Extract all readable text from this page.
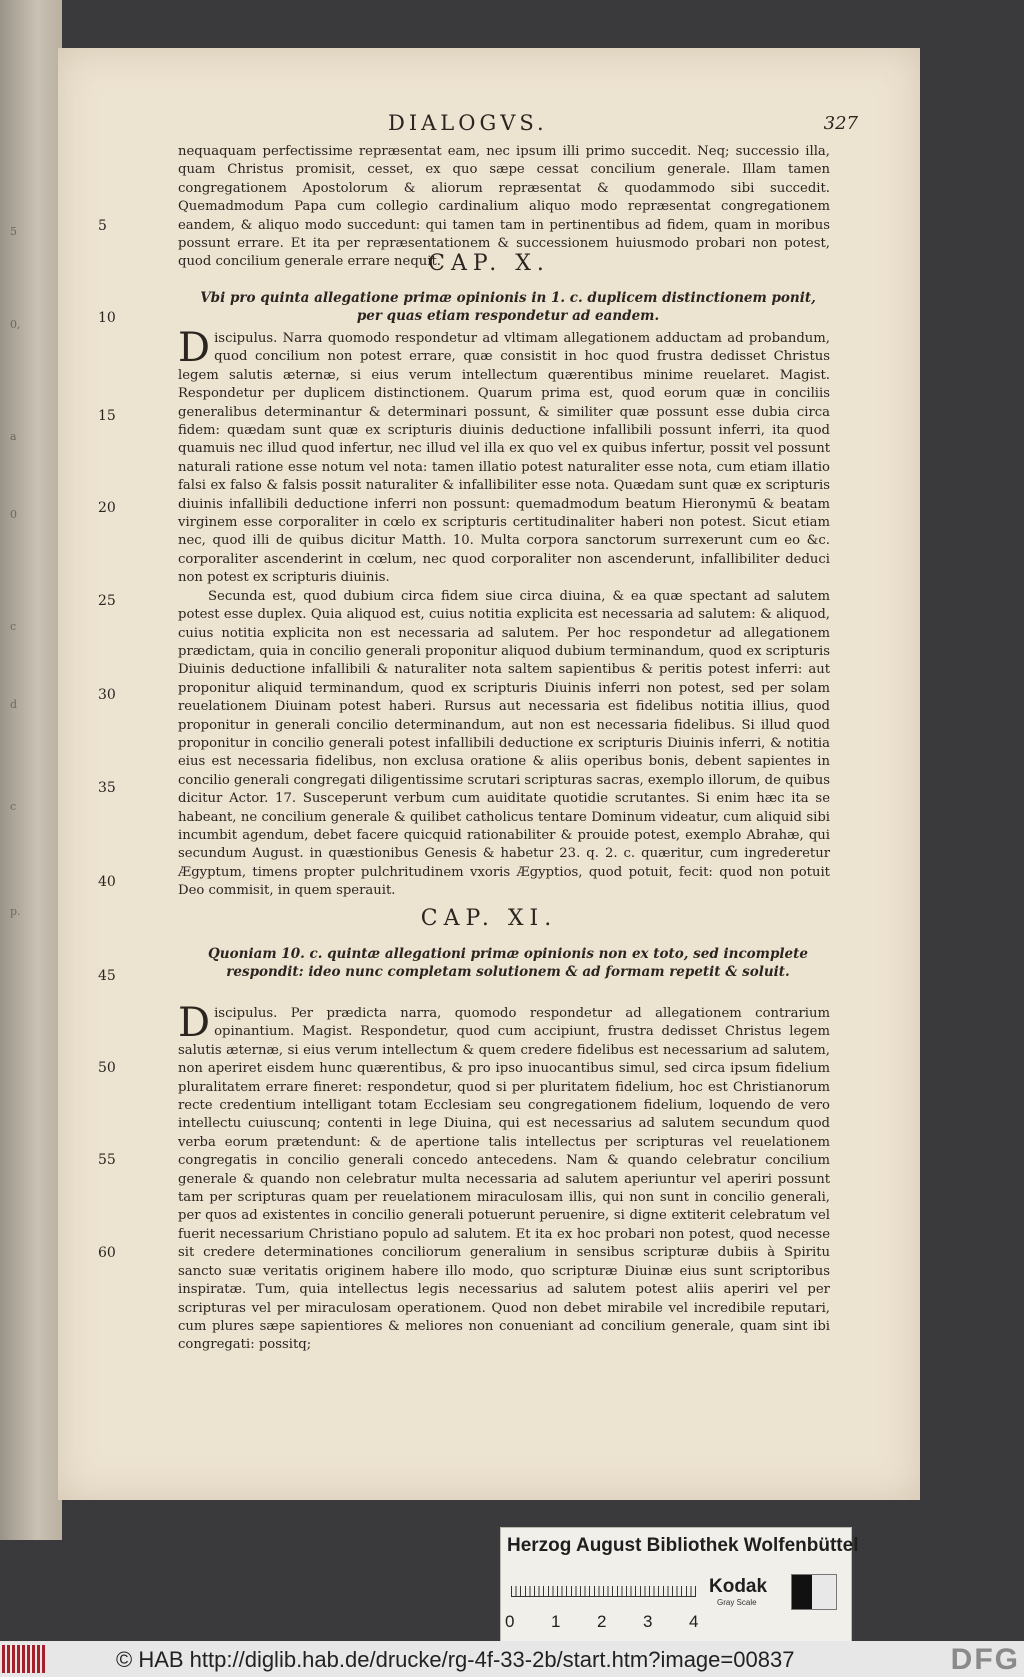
5
0,
a
0
c
d
c
p.
DIALOGVS.	327
5
10
15
20
25
30
35
40
45
50
55
60

nequaquam perfectissime repræsentat eam, nec ipsum illi primo succedit. Neq; successio illa, quam Christus promisit, cesset, ex quo sæpe cessat concilium generale. Illam tamen congregationem Apostolorum & aliorum repræsentat & quodammodo sibi succedit. Quemadmodum Papa cum collegio cardinalium aliquo modo repræsentat congregationem eandem, & aliquo modo succedunt: qui tamen tam in pertinentibus ad fidem, quam in moribus possunt errare. Et ita per repræsentationem & successionem huiusmodo probari non potest, quod concilium generale errare nequit.

CAP. X.
Vbi pro quinta allegatione primæ opinionis in 1. c. duplicem distinctionem ponit, per quas etiam respondetur ad eandem.

Discipulus. Narra quomodo respondetur ad vltimam allegationem adductam ad probandum, quod concilium non potest errare, quæ consistit in hoc quod frustra dedisset Christus legem salutis æternæ, si eius verum intellectum quærentibus minime reuelaret. Magist. Respondetur per duplicem distinctionem. Quarum prima est, quod eorum quæ in conciliis generalibus determinantur & determinari possunt, & similiter quæ possunt esse dubia circa fidem: quædam sunt quæ ex scripturis diuinis deductione infallibili possunt inferri, ita quod quamuis nec illud quod infertur, nec illud vel illa ex quo vel ex quibus infertur, possit vel possunt naturali ratione esse notum vel nota: tamen illatio potest naturaliter esse nota, cum etiam illatio falsi ex falso & falsis possit naturaliter & infallibiliter esse nota. Quædam sunt quæ ex scripturis diuinis infallibili deductione inferri non possunt: quemadmodum beatum Hieronymū & beatam virginem esse corporaliter in cœlo ex scripturis certitudinaliter haberi non potest. Sicut etiam nec, quod illi de quibus dicitur Matth. 10. Multa corpora sanctorum surrexerunt cum eo &c. corporaliter ascenderint in cœlum, nec quod corporaliter non ascenderunt, infallibiliter deduci non potest ex scripturis diuinis.

Secunda est, quod dubium circa fidem siue circa diuina, & ea quæ spectant ad salutem potest esse duplex. Quia aliquod est, cuius notitia explicita est necessaria ad salutem: & aliquod, cuius notitia explicita non est necessaria ad salutem. Per hoc respondetur ad allegationem prædictam, quia in concilio generali proponitur aliquod dubium terminandum, quod ex scripturis Diuinis deductione infallibili & naturaliter nota saltem sapientibus & peritis potest inferri: aut proponitur aliquid terminandum, quod ex scripturis Diuinis inferri non potest, sed per solam reuelationem Diuinam potest haberi. Rursus aut necessaria est fidelibus notitia illius, quod proponitur in generali concilio determinandum, aut non est necessaria fidelibus. Si illud quod proponitur in concilio generali potest infallibili deductione ex scripturis Diuinis inferri, & notitia eius est necessaria fidelibus, non exclusa oratione & aliis operibus bonis, debent sapientes in concilio generali congregati diligentissime scrutari scripturas sacras, exemplo illorum, de quibus dicitur Actor. 17. Susceperunt verbum cum auiditate quotidie scrutantes. Si enim hæc ita se habeant, ne concilium generale & quilibet catholicus tentare Dominum videatur, cum aliquid sibi incumbit agendum, debet facere quicquid rationabiliter & prouide potest, exemplo Abrahæ, qui secundum August. in quæstionibus Genesis & habetur 23. q. 2. c. quæritur, cum ingrederetur Ægyptum, timens propter pulchritudinem vxoris Ægyptios, quod potuit, fecit: quod non potuit Deo commisit, in quem sperauit.

CAP. XI.
Quoniam 10. c. quintæ allegationi primæ opinionis non ex toto, sed incomplete respondit: ideo nunc completam solutionem & ad formam repetit & soluit.

Discipulus. Per prædicta narra, quomodo respondetur ad allegationem contrarium opinantium. Magist. Respondetur, quod cum accipiunt, frustra dedisset Christus legem salutis æternæ, si eius verum intellectum & quem credere fidelibus est necessarium ad salutem, non aperiret eisdem hunc quærentibus, & pro ipso inuocantibus simul, sed circa ipsum fidelium pluralitatem errare fineret: respondetur, quod si per pluritatem fidelium, hoc est Christianorum recte credentium intelligant totam Ecclesiam seu congregationem fidelium, loquendo de vero intellectu cuiuscunq; contenti in lege Diuina, qui est necessarius ad salutem secundum quod verba eorum prætendunt: & de apertione talis intellectus per scripturas vel reuelationem congregatis in concilio generali concedo antecedens. Nam & quando celebratur concilium generale & quando non celebratur multa necessaria ad salutem aperiuntur vel aperiri possunt tam per scripturas quam per reuelationem miraculosam illis, qui non sunt in concilio generali, per quos ad existentes in concilio generali potuerunt peruenire, si digne extiterit celebratum vel fuerit necessarium Christiano populo ad salutem. Et ita ex hoc probari non potest, quod necesse sit credere determinationes conciliorum generalium in sensibus scripturæ dubiis à Spiritu sancto suæ veritatis originem habere illo modo, quo scripturæ Diuinæ eius sunt scriptoribus inspiratæ. Tum, quia intellectus legis necessarius ad salutem potest aliis aperiri vel per scripturas vel per miraculosam operationem. Quod non debet mirabile vel incredibile reputari, cum plures sæpe sapientiores & meliores non conueniant ad concilium generale, quam sint ibi congregati: possitq;

Herzog August Bibliothek Wolfenbüttel
0 1 2 3 4
Kodak
Gray Scale
© HAB http://diglib.hab.de/drucke/rg-4f-33-2b/start.htm?image=00837	DFG
